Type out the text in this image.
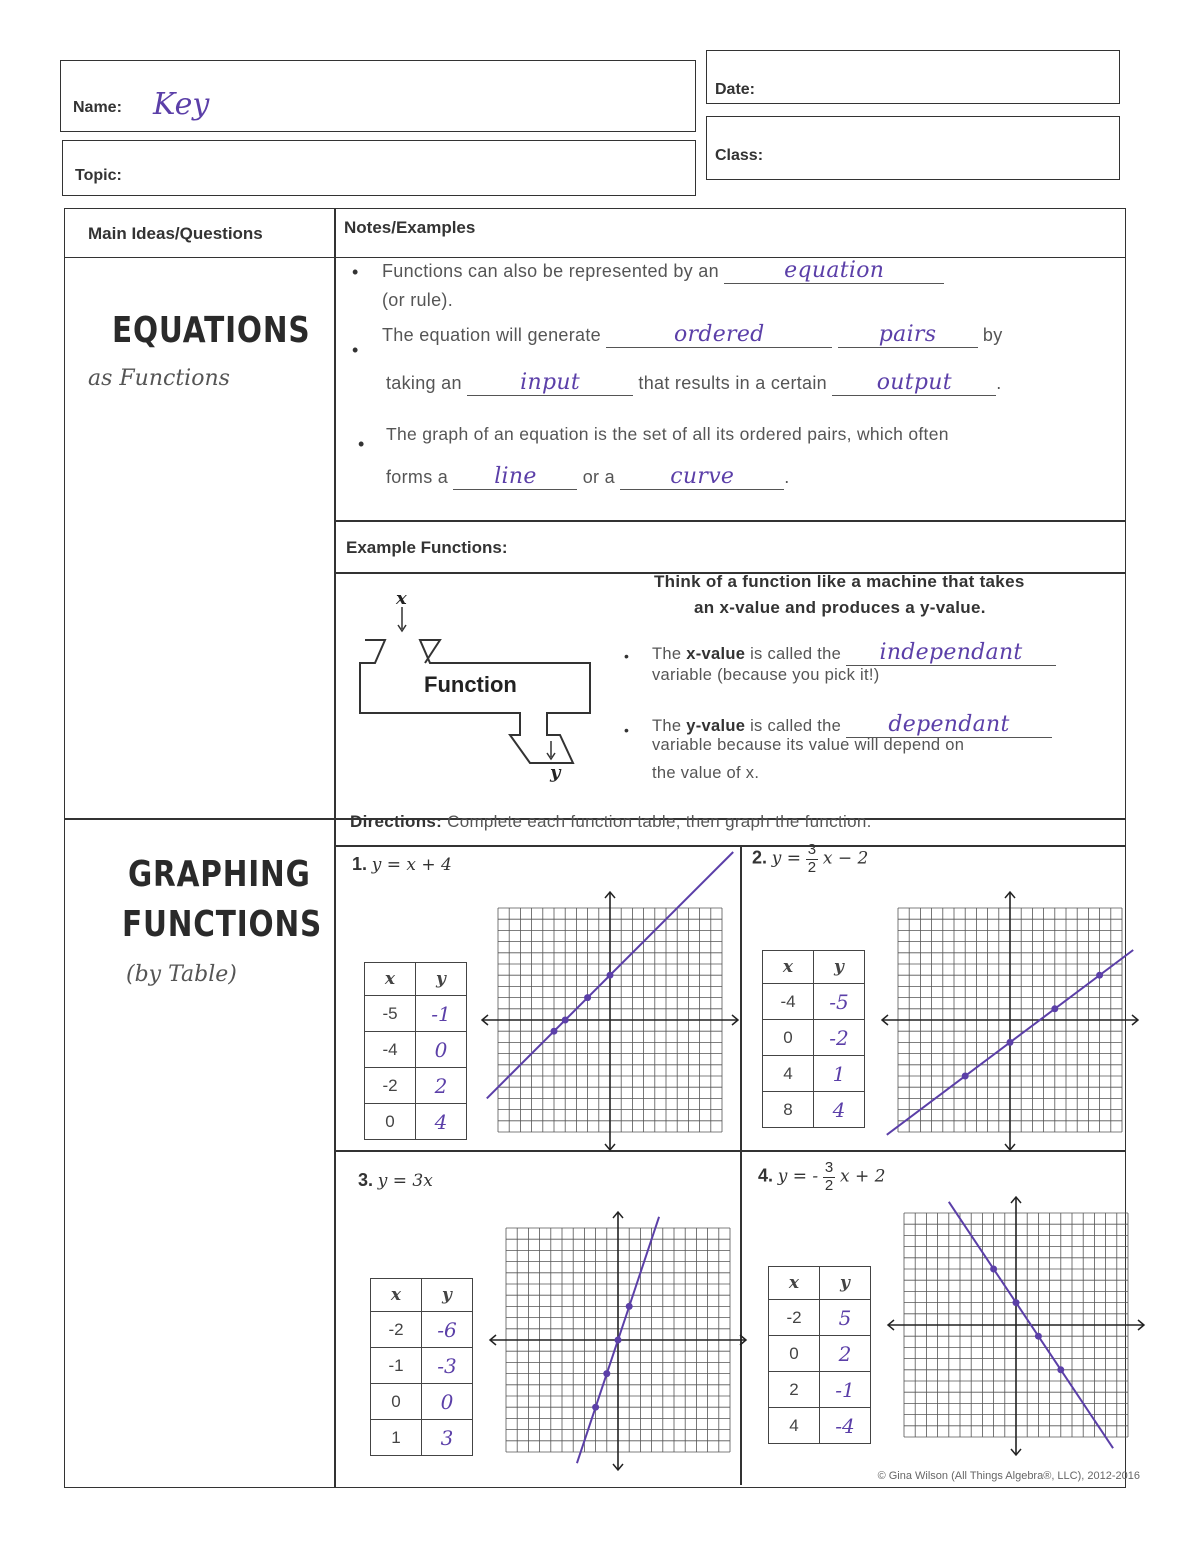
Name: Key	Date:
Topic:
Class:
Main Ideas/Questions	Notes/Examples
EQUATIONS
as Functions
• Functions can also be represented by an	equation
(or rule).
•
The equation will generate	ordered	pairs	by
taking an	input	that results in a certain output .
• The graph of an equation is the set of all its ordered pairs, which often
forms a line	or a	curve	.
Example Functions:
x
Function
y
Think of a function like a machine that takes
an x-value and produces a y-value.
• The x-value is called the independant
variable (because you pick it!)
• The y-value is called the dependant
variable because its value will depend on
the value of x.
GRAPHING
FUNCTIONS
(by Table)
Directions: Complete each function table, then graph the function.
1. y = x + 4	2. $y = \frac{3}{2}$ x − 2
3. y = 3x	4. y = - $\frac{3}{2}$ x + 2
x	y
-5	-1
-4	0
-2	2
0	4
x	y
-4	-5
0	-2
4	1
8	4
x	y
-2	-6
-1	-3
0	0
1	3
x	y
-2	5
0	2
2	-1
4	-4
© Gina Wilson (All Things Algebra®, LLC), 2012-2016
